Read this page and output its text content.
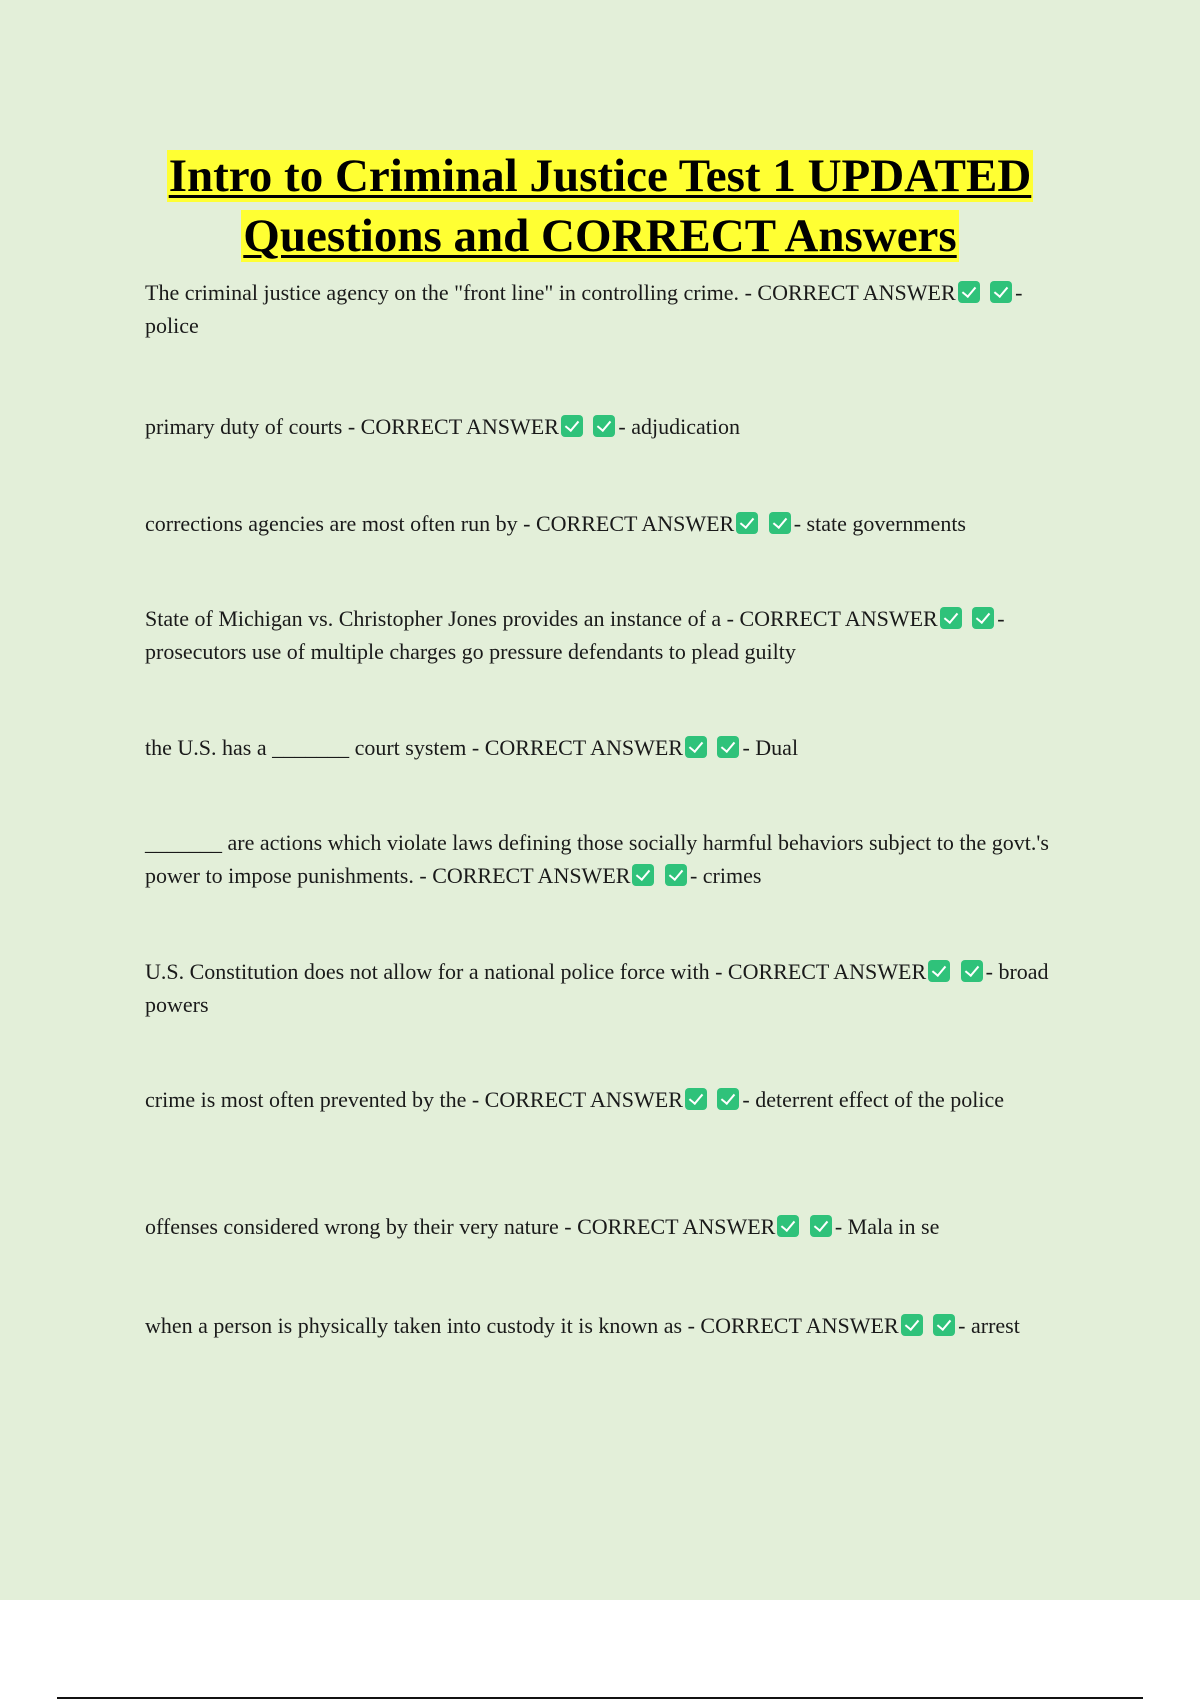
Intro to Criminal Justice Test 1 UPDATED
Questions and CORRECT Answers

The criminal justice agency on the "front line" in controlling crime. - CORRECT ANSWER	- police

primary duty of courts - CORRECT ANSWER	- adjudication

corrections agencies are most often run by - CORRECT ANSWER	- state governments

State of Michigan vs. Christopher Jones provides an instance of a - CORRECT ANSWER	- prosecutors use of multiple charges go pressure defendants to plead guilty

the U.S. has a _______ court system - CORRECT ANSWER	- Dual

_______ are actions which violate laws defining those socially harmful behaviors subject to the govt.'s power to impose punishments. - CORRECT ANSWER	- crimes

U.S. Constitution does not allow for a national police force with - CORRECT ANSWER	- broad powers

crime is most often prevented by the - CORRECT ANSWER	- deterrent effect of the police

offenses considered wrong by their very nature - CORRECT ANSWER	- Mala in se

when a person is physically taken into custody it is known as - CORRECT ANSWER	- arrest
